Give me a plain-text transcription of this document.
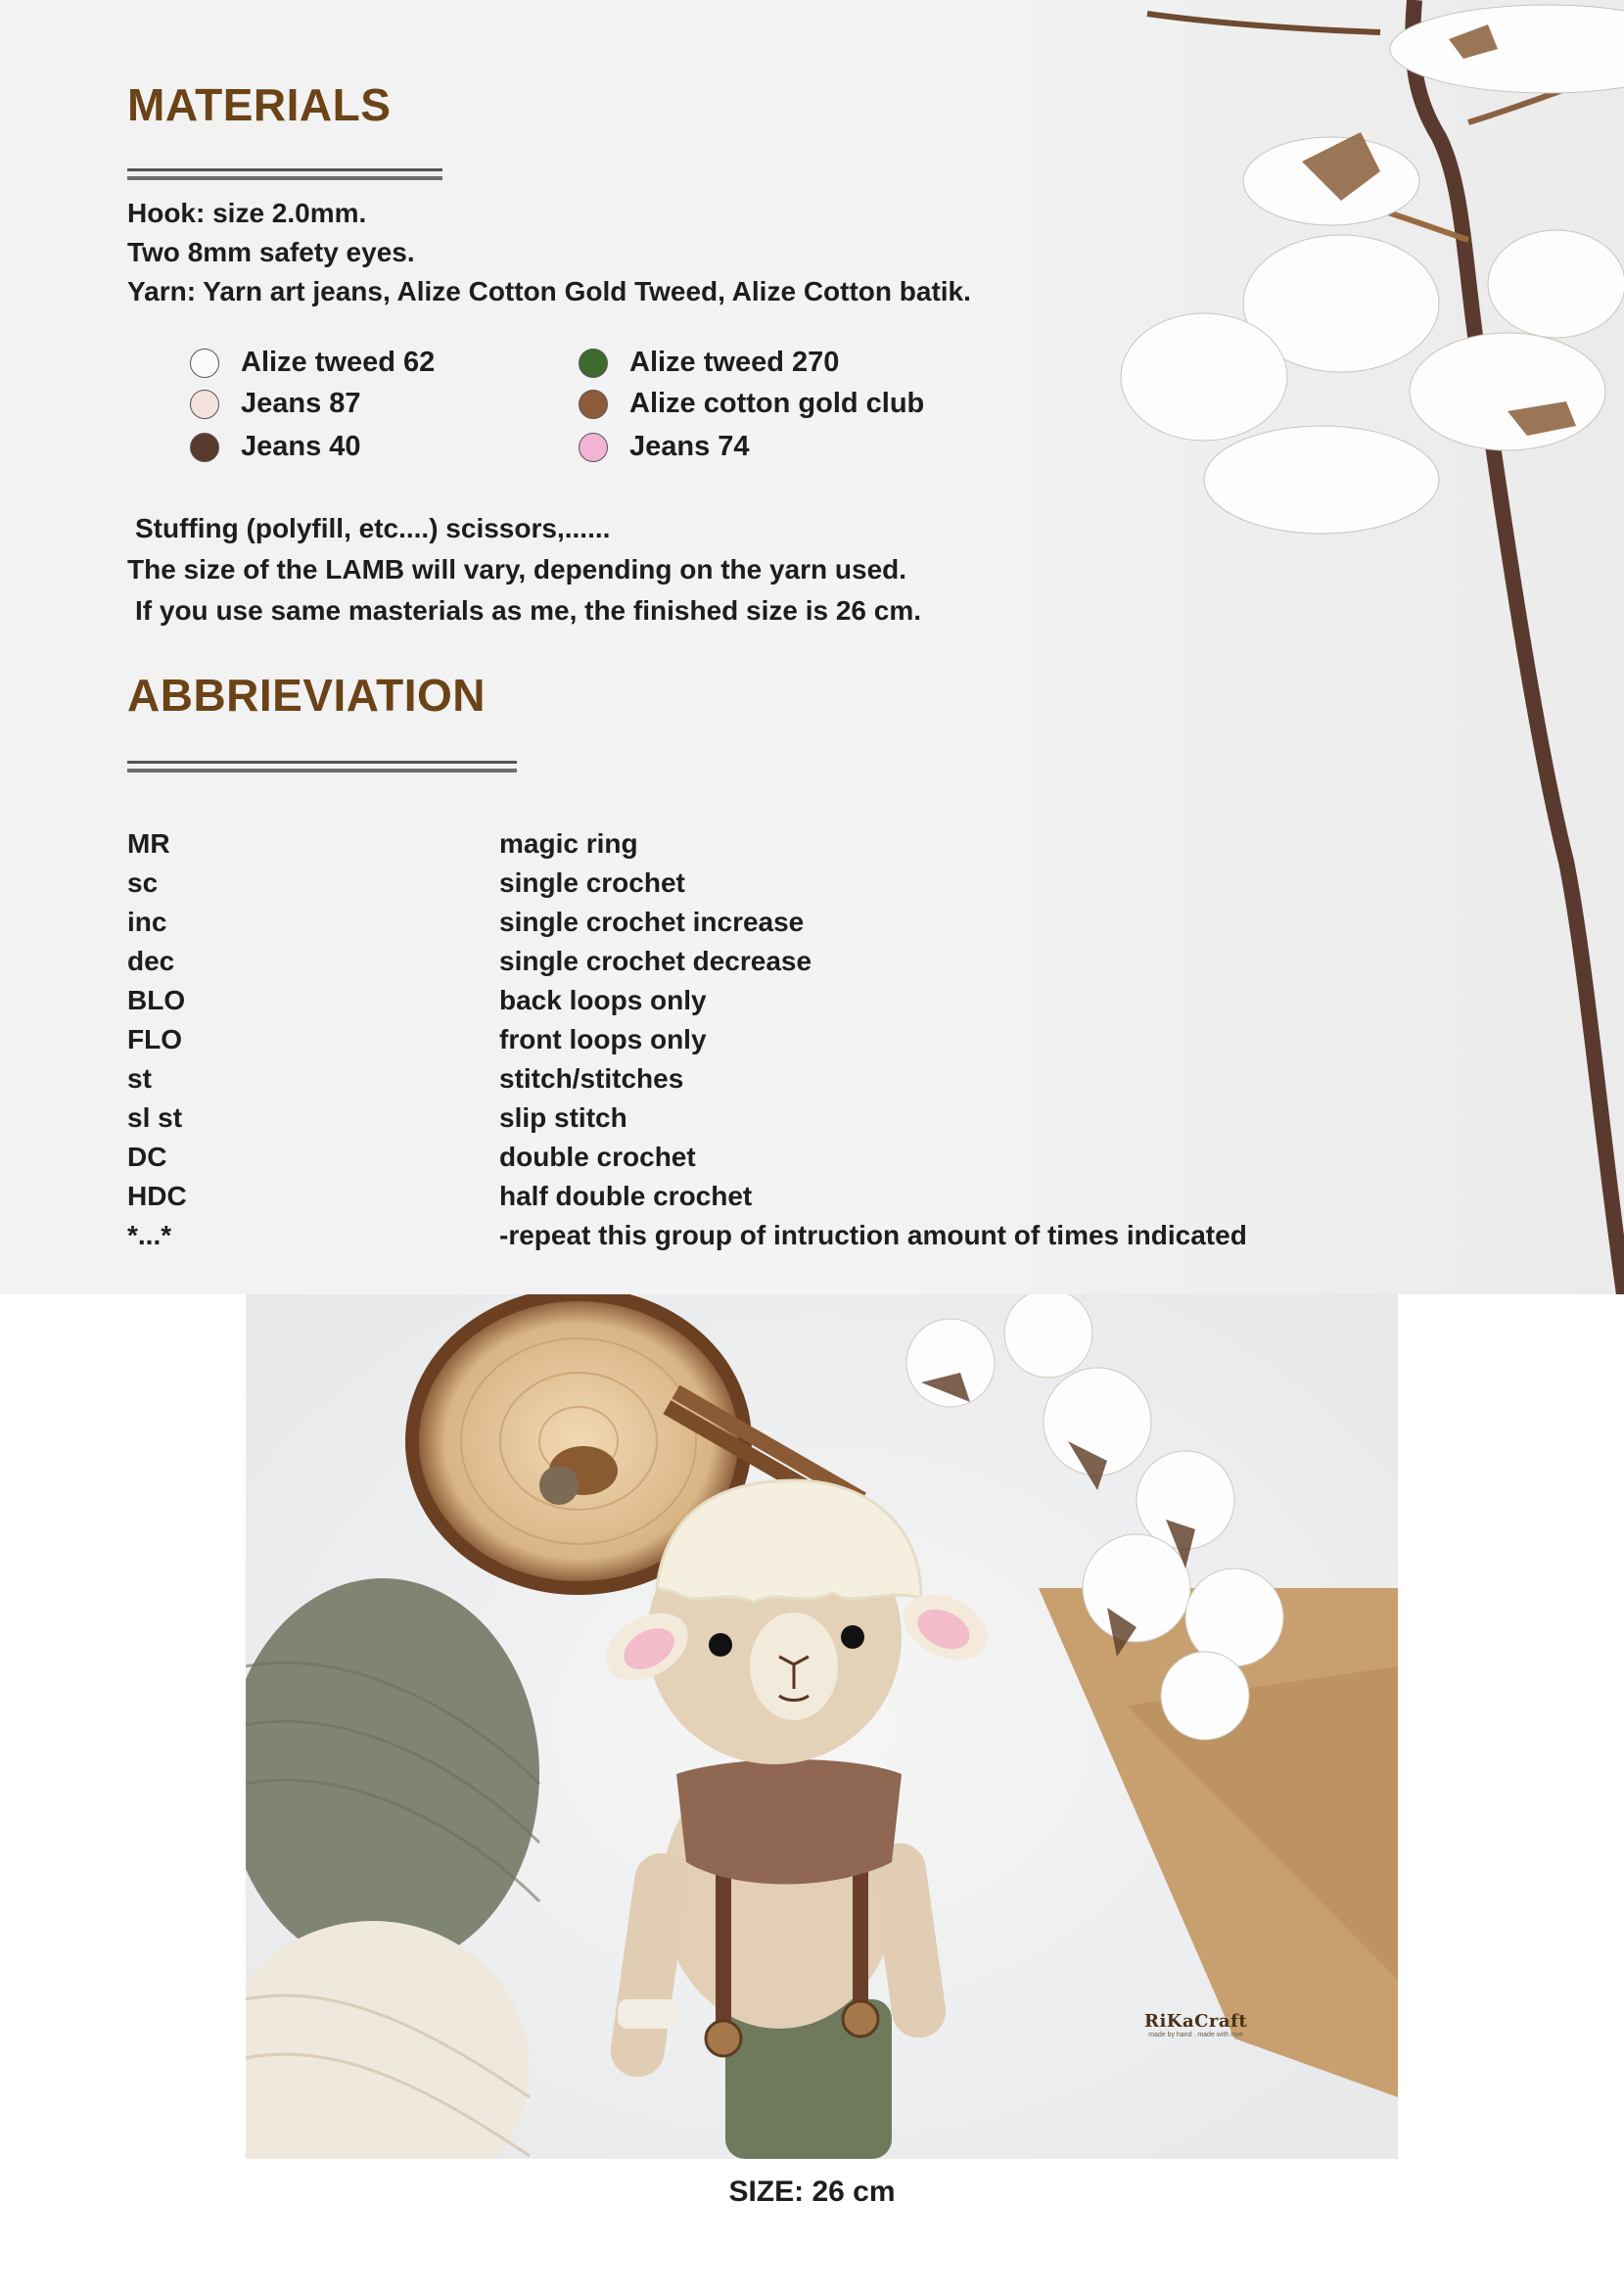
MATERIALS
Hook: size 2.0mm.
Two 8mm safety eyes.
Yarn: Yarn art jeans, Alize Cotton Gold Tweed, Alize Cotton batik.
Alize tweed 62
Jeans 87
Jeans 40
Alize tweed 270
Alize cotton gold club
Jeans 74
Stuffing (polyfill, etc....) scissors,......
The size of the LAMB will vary, depending on the yarn used.
If you use same masterials as me, the finished size is 26 cm.
ABBRIEVIATION
MR	magic ring
sc	single crochet
inc	single crochet increase
dec	single crochet decrease
BLO	back loops only
FLO	front loops only
st	stitch/stitches
sl st	slip stitch
DC	double crochet
HDC	half double crochet
*...*	-repeat this group of intruction amount of times indicated
RiKaCraft
made by hand . made with love
SIZE: 26 cm
